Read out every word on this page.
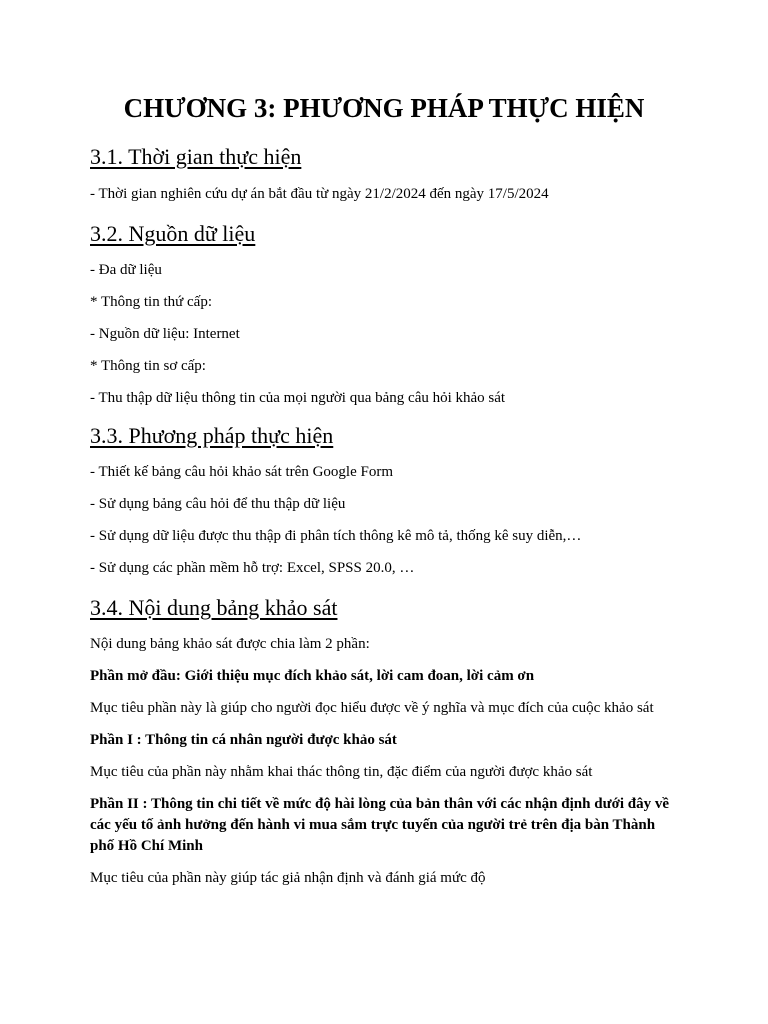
CHƯƠNG 3: PHƯƠNG PHÁP THỰC HIỆN
3.1. Thời gian thực hiện

- Thời gian nghiên cứu dự án bắt đầu từ ngày 21/2/2024 đến ngày 17/5/2024

3.2. Nguồn dữ liệu

- Đa dữ liệu

* Thông tin thứ cấp:

- Nguồn dữ liệu: Internet

* Thông tin sơ cấp:

- Thu thập dữ liệu thông tin của mọi người qua bảng câu hỏi khảo sát

3.3. Phương pháp thực hiện

- Thiết kế bảng câu hỏi khảo sát trên Google Form

- Sử dụng bảng câu hỏi để thu thập dữ liệu

- Sử dụng dữ liệu được thu thập đi phân tích thông kê mô tả, thống kê suy diễn,…

- Sử dụng các phần mềm hỗ trợ: Excel, SPSS 20.0, …

3.4. Nội dung bảng khảo sát

Nội dung bảng khảo sát được chia làm 2 phần:

Phần mở đầu: Giới thiệu mục đích khảo sát, lời cam đoan, lời cảm ơn

Mục tiêu phần này là giúp cho người đọc hiểu được về ý nghĩa và mục đích của cuộc khảo sát

Phần I : Thông tin cá nhân người được khảo sát

Mục tiêu của phần này nhằm khai thác thông tin, đặc điểm của người được khảo sát

Phần II : Thông tin chi tiết về mức độ hài lòng của bản thân với các nhận định dưới đây về các yếu tố ảnh hưởng đến hành vi mua sắm trực tuyến của người trẻ trên địa bàn Thành phố Hồ Chí Minh

Mục tiêu của phần này giúp tác giả nhận định và đánh giá mức độ
